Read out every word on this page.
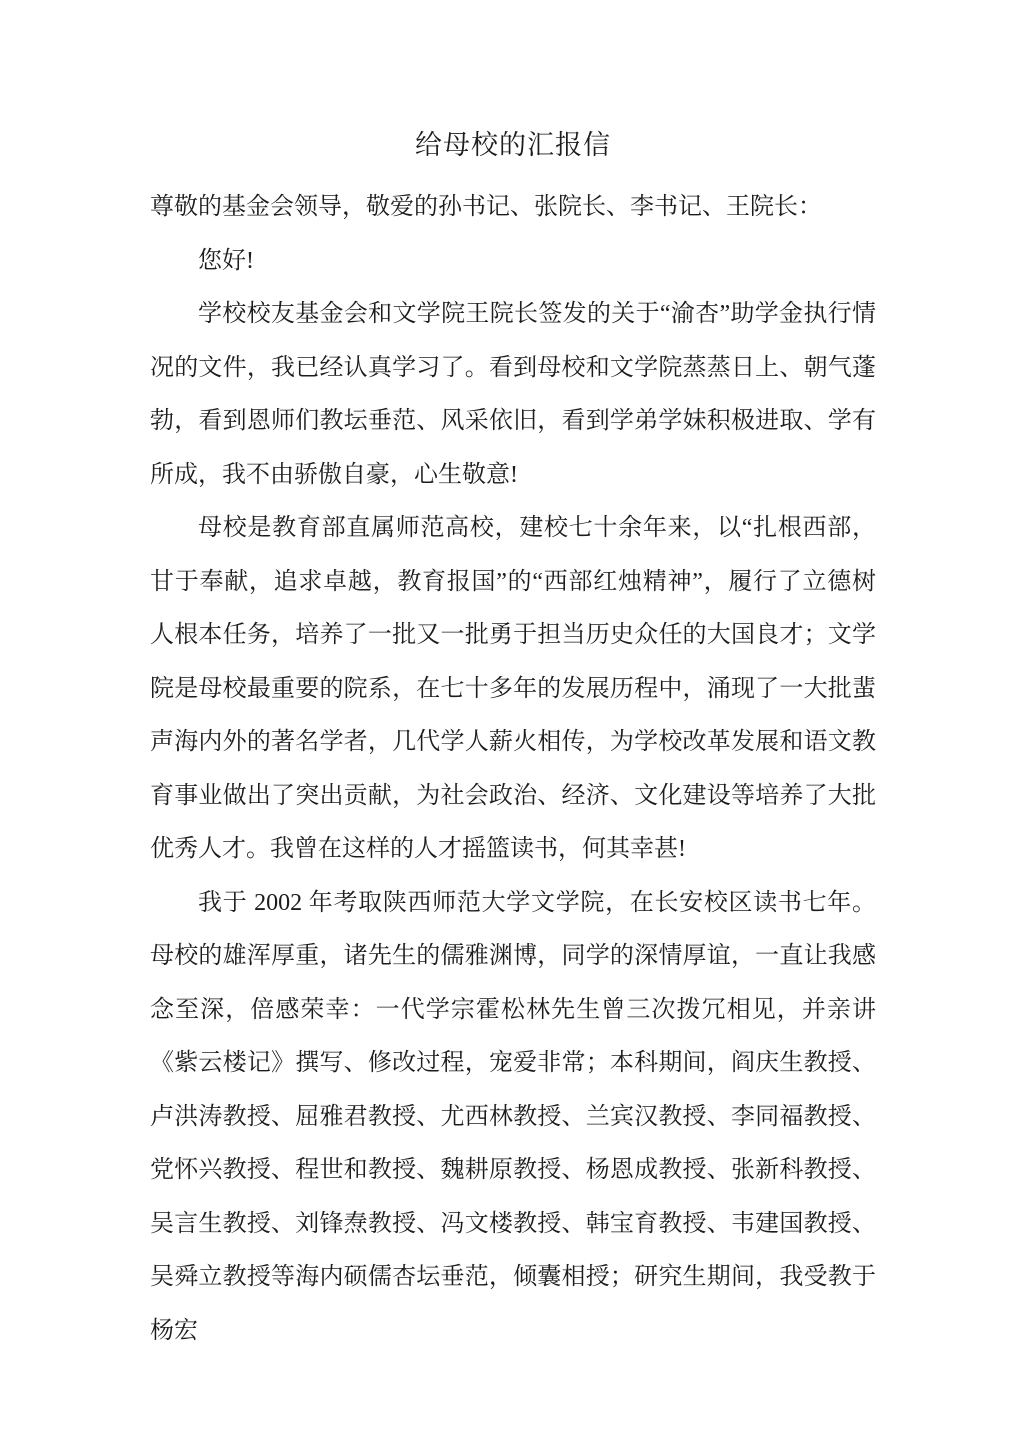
给母校的汇报信

尊敬的基金会领导，敬爱的孙书记、张院长、李书记、王院长：

您好!

学校校友基金会和文学院王院长签发的关于“渝杏”助学金执行情况的文件，我已经认真学习了。看到母校和文学院蒸蒸日上、朝气蓬勃，看到恩师们教坛垂范、风采依旧，看到学弟学妹积极进取、学有所成，我不由骄傲自豪，心生敬意!

母校是教育部直属师范高校，建校七十余年来，以“扎根西部，甘于奉献，追求卓越，教育报国”的“西部红烛精神”，履行了立德树人根本任务，培养了一批又一批勇于担当历史众任的大国良才；文学院是母校最重要的院系，在七十多年的发展历程中，涌现了一大批蜚声海内外的著名学者，几代学人薪火相传，为学校改革发展和语文教育事业做出了突出贡献，为社会政治、经济、文化建设等培养了大批优秀人才。我曾在这样的人才摇篮读书，何其幸甚!

我于 2002 年考取陕西师范大学文学院，在长安校区读书七年。母校的雄浑厚重，诸先生的儒雅渊博，同学的深情厚谊，一直让我感念至深，倍感荣幸：一代学宗霍松林先生曾三次拨冗相见，并亲讲《紫云楼记》撰写、修改过程，宠爱非常；本科期间，阎庆生教授、卢洪涛教授、屈雅君教授、尤西林教授、兰宾汉教授、李同福教授、党怀兴教授、程世和教授、魏耕原教授、杨恩成教授、张新科教授、吴言生教授、刘锋焘教授、冯文楼教授、韩宝育教授、韦建国教授、吴舜立教授等海内硕儒杏坛垂范，倾囊相授；研究生期间，我受教于杨宏
